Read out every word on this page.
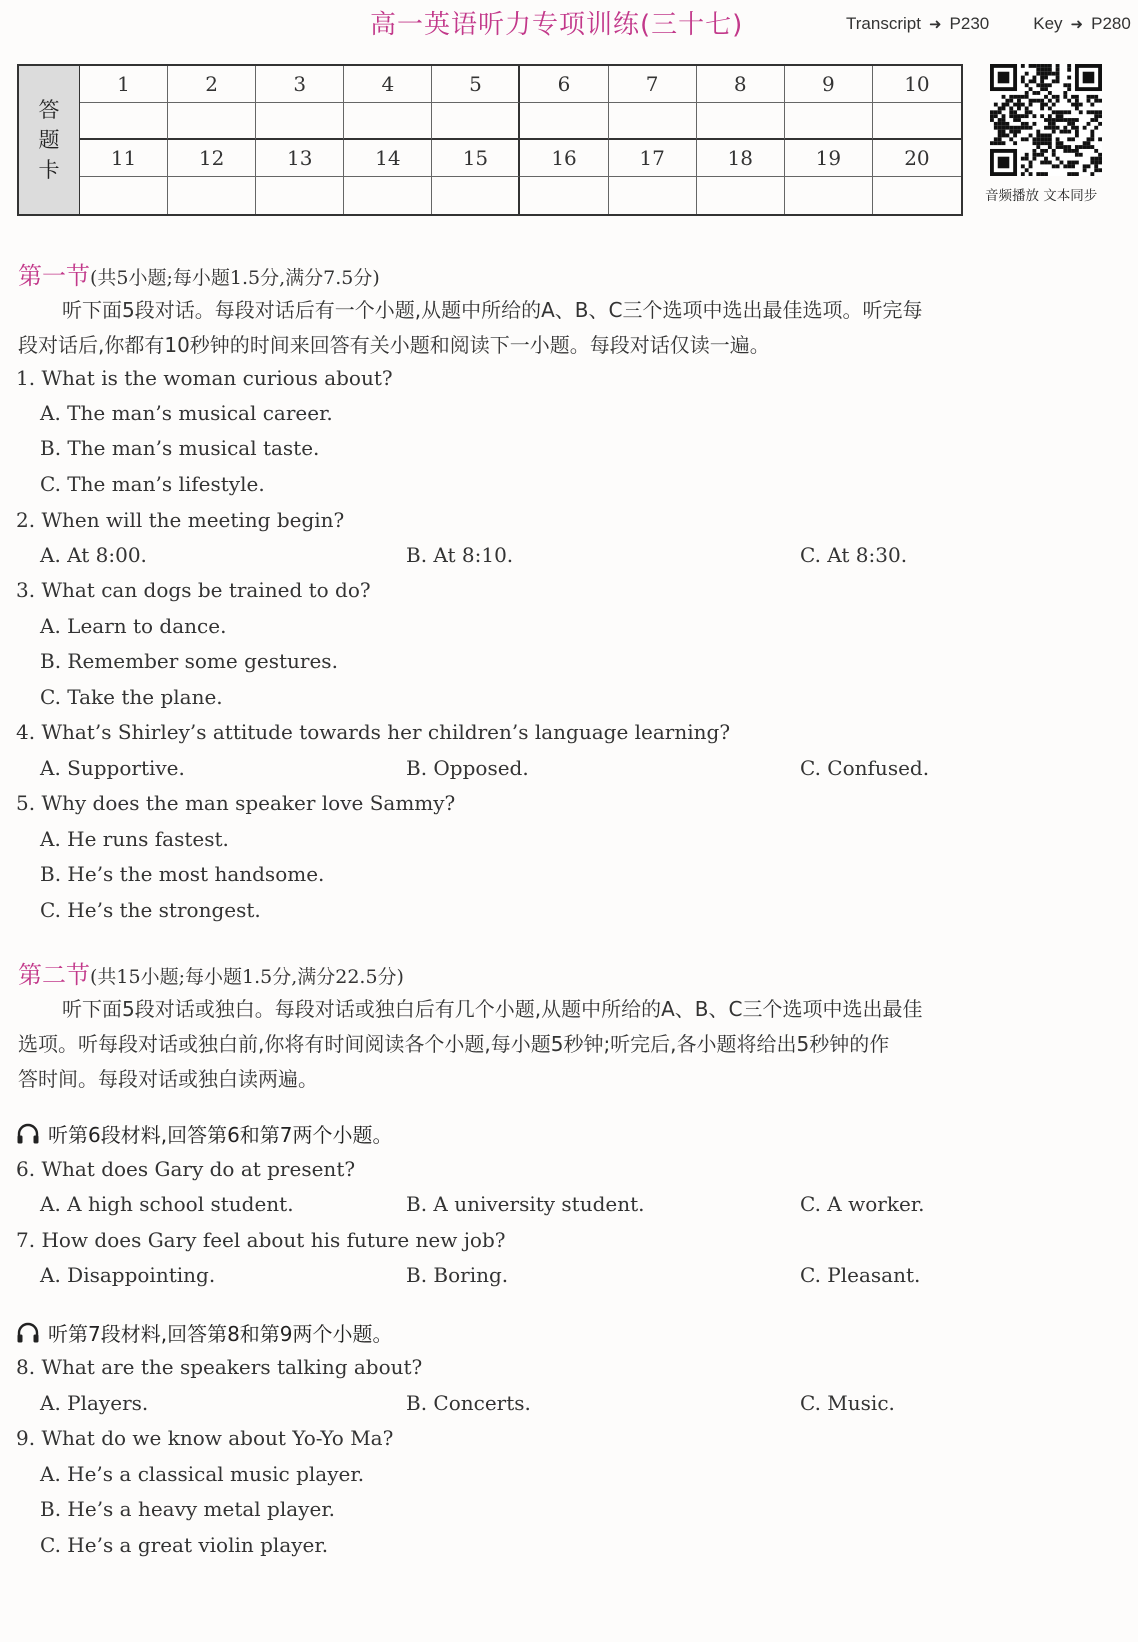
高一英语听力专项训练(三十七)	Transcript ➜ P230	Key ➜ P280
答
题
卡
1	2	3	4	5	6	7	8	9	10
11	12	13	14	15	16	17	18	19	20
音频播放 文本同步
第一节(共5小题;每小题1.5分,满分7.5分)
听下面5段对话。每段对话后有一个小题,从题中所给的A、B、C三个选项中选出最佳选项。听完每
段对话后,你都有10秒钟的时间来回答有关小题和阅读下一小题。每段对话仅读一遍。
1. What is the woman curious about?
A. The man’s musical career.
B. The man’s musical taste.
C. The man’s lifestyle.
2. When will the meeting begin?
A. At 8:00.	B. At 8:10.	C. At 8:30.
3. What can dogs be trained to do?
A. Learn to dance.
B. Remember some gestures.
C. Take the plane.
4. What’s Shirley’s attitude towards her children’s language learning?
A. Supportive.	B. Opposed.	C. Confused.
5. Why does the man speaker love Sammy?
A. He runs fastest.
B. He’s the most handsome.
C. He’s the strongest.
第二节(共15小题;每小题1.5分,满分22.5分)
听下面5段对话或独白。每段对话或独白后有几个小题,从题中所给的A、B、C三个选项中选出最佳
选项。听每段对话或独白前,你将有时间阅读各个小题,每小题5秒钟;听完后,各小题将给出5秒钟的作
答时间。每段对话或独白读两遍。
听第6段材料,回答第6和第7两个小题。
6. What does Gary do at present?
A. A high school student.	B. A university student.	C. A worker.
7. How does Gary feel about his future new job?
A. Disappointing.	B. Boring.	C. Pleasant.
听第7段材料,回答第8和第9两个小题。
8. What are the speakers talking about?
A. Players.	B. Concerts.	C. Music.
9. What do we know about Yo-Yo Ma?
A. He’s a classical music player.
B. He’s a heavy metal player.
C. He’s a great violin player.
